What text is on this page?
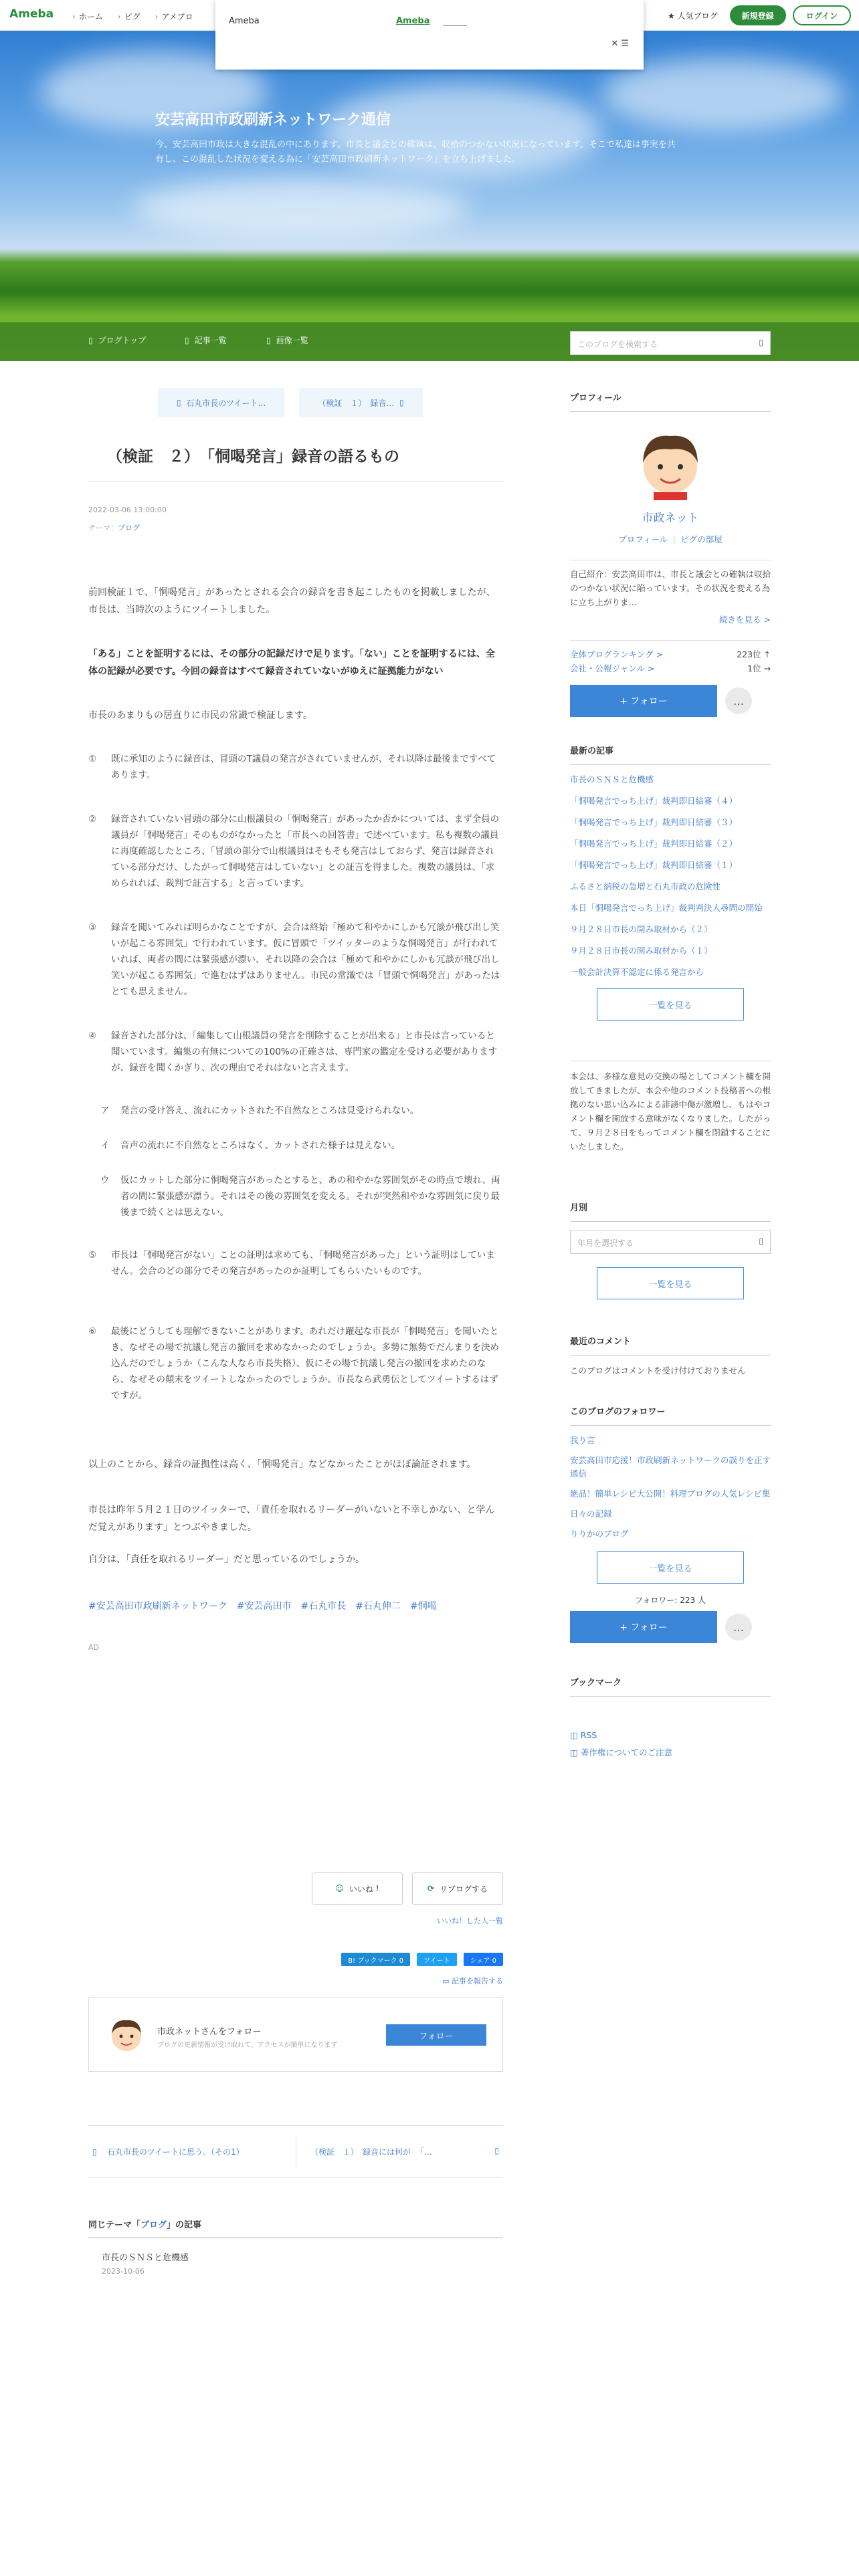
Ameba	› ホーム	› ピグ	› アメプロ	★ 人気ブログ	新規登録	ログイン
Ameba	Ameba
✕ ☰
安芸高田市政刷新ネットワーク通信
今、安芸高田市政は大きな混乱の中にあります。市長と議会との確執は、収拾のつかない状況になっています。そこで私達は事実を共有し、この混乱した状況を変える為に「安芸高田市政刷新ネットワーク」を立ち上げました。
▯ ブログトップ	▯ 記事一覧	▯ 画像一覧	このブログを検索する	▯
▯ 石丸市長のツイート…	（検証　１）　録音… ▯
（検証　２）　「恫喝発言」録音の語るもの
2022-03-06 13:00:00
テーマ：ブログ

前回検証１で、「恫喝発言」があったとされる会合の録音を書き起こしたものを掲載しましたが、市長は、当時次のようにツイートしました。

「ある」ことを証明するには、その部分の記録だけで足ります。「ない」ことを証明するには、全体の記録が必要です。今回の録音はすべて録音されていないがゆえに証拠能力がない

市長のあまりもの居直りに市民の常識で検証します。

① 既に承知のように録音は、冒頭のT議員の発言がされていませんが、それ以降は最後まですべてあります。
② 録音されていない冒頭の部分に山根議員の「恫喝発言」があったか否かについては、まず全員の議員が「恫喝発言」そのものがなかったと「市長への回答書」で述べています。私も複数の議員に再度確認したところ、「冒頭の部分で山根議員はそもそも発言はしておらず、発言は録音されている部分だけ、したがって恫喝発言はしていない」との証言を得ました。複数の議員は、「求められれば、裁判で証言する」と言っています。
③ 録音を聞いてみれば明らかなことですが、会合は終始「極めて和やかにしかも冗談が飛び出し笑いが起こる雰囲気」で行われています。仮に冒頭で「ツイッターのような恫喝発言」が行われていれば、両者の間には緊張感が漂い、それ以降の会合は「極めて和やかにしかも冗談が飛び出し笑いが起こる雰囲気」で進むはずはありません。市民の常識では「冒頭で恫喝発言」があったはとても思えません。
④ 録音された部分は、「編集して山根議員の発言を削除することが出来る」と市長は言っていると聞いています。編集の有無についての100%の正確さは、専門家の鑑定を受ける必要がありますが、録音を聞くかぎり、次の理由でそれはないと言えます。
ア 発言の受け答え、流れにカットされた不自然なところは見受けられない。
イ 音声の流れに不自然なところはなく、カットされた様子は見えない。
ウ 仮にカットした部分に恫喝発言があったとすると、あの和やかな雰囲気がその時点で壊れ、両者の間に緊張感が漂う。それはその後の雰囲気を変える。それが突然和やかな雰囲気に戻り最後まで続くとは思えない。
⑤ 市長は「恫喝発言がない」ことの証明は求めても、「恫喝発言があった」という証明はしていません。会合のどの部分でその発言があったのか証明してもらいたいものです。
⑥ 最後にどうしても理解できないことがあります。あれだけ躍起な市長が「恫喝発言」を聞いたとき、なぜその場で抗議し発言の撤回を求めなかったのでしょうか。多勢に無勢でだんまりを決め込んだのでしょうか（こんな人なら市長失格）、仮にその場で抗議し発言の撤回を求めたのなら、なぜその顛末をツイートしなかったのでしょうか。市長なら武勇伝としてツイートするはずですが。

以上のことから、録音の証拠性は高く、「恫喝発言」などなかったことがほぼ論証されます。

市長は昨年５月２１日のツイッターで、「責任を取れるリーダーがいないと不幸しかない、と学んだ覚えがあります」とつぶやきました。

自分は、「責任を取れるリーダー」だと思っているのでしょうか。

#安芸高田市政刷新ネットワーク　#安芸高田市　#石丸市長　#石丸伸二　#恫喝

AD

☺ いいね
!	⟳ リブログする
いいね！した人一覧
B! ブックマーク 0	ツイート	シェア 0
▭ 記事を報告する
市政ネットさんをフォロー
ブログの更新情報が受け取れて、アクセスが簡単になります
フォロー
▯    石丸市長のツイートに思う。（その1）	（検証　１）　録音には何が 「…	▯
同じテーマ「ブログ」の記事
市長のＳＮＳと危機感
2023-10-06
プロフィール
市政ネット
プロフィール  |  ピグの部屋
自己紹介：安芸高田市は、市長と議会との確執は収拾のつかない状況に陥っています。その状況を変える為に立ち上がりま…
続きを見る >
全体ブログランキング >	223位 ↑
会社・公報ジャンル >	1位 →
+ フォロー	…
最新の記事
市長のＳＮＳと危機感
「恫喝発言でっち上げ」裁判即日結審（４）
「恫喝発言でっち上げ」裁判即日結審（３）
「恫喝発言でっち上げ」裁判即日結審（２）
「恫喝発言でっち上げ」裁判即日結審（１）
ふるさと納税の急増と石丸市政の危険性
本日「恫喝発言でっち上げ」裁判判決人尋問の開始
９月２８日市長の開み取材から（２）
９月２８日市長の開み取材から（１）
一般会計決算不認定に係る発言から
一覧を見る
本会は、多様な意見の交換の場としてコメント欄を開放してきましたが、本会や他のコメント投稿者への根拠のない思い込みによる誹謗中傷が激増し、もはやコメント欄を開放する意味がなくなりました。したがって、９月２８日をもってコメント欄を閉鎖することにいたしました。
月別
年月を選択する	▯
一覧を見る
最近のコメント
このブログはコメントを受け付けておりません
このブログのフォロワー
我り言
安芸高田市応援！市政刷新ネットワークの誤りを正す通信
絶品！簡単レシピ大公開！料理ブログの人気レシピ集
日々の記録
りりかのブログ
一覧を見る
フォロワー: 223 人
+ フォロー	…
ブックマーク
◫ RSS
◫ 著作権についてのご注意
